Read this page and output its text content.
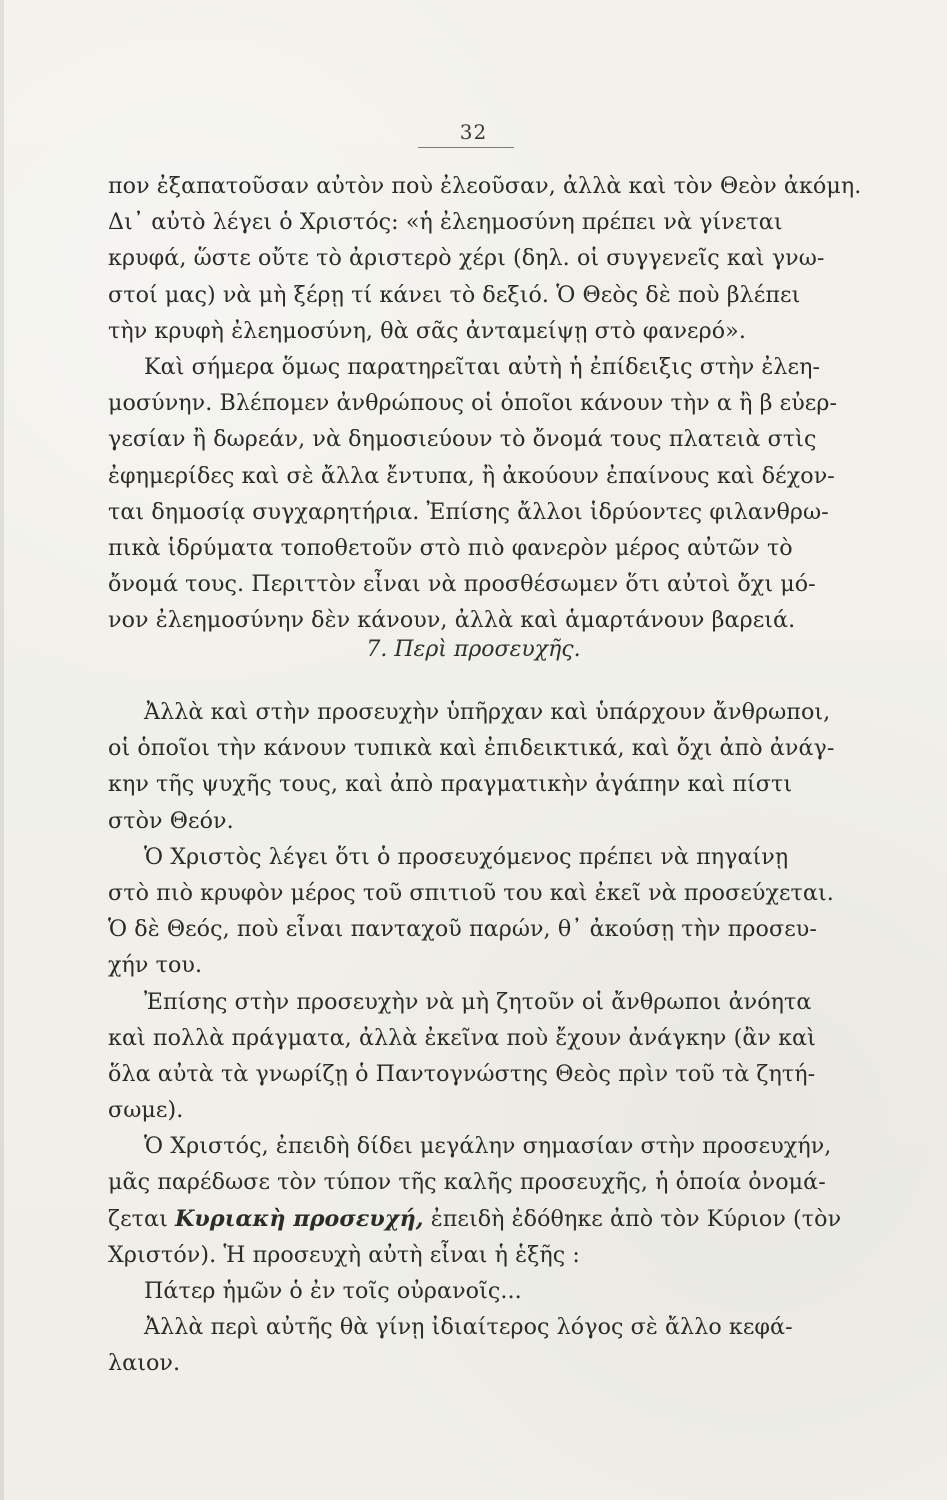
32
πον ἐξαπατοῦσαν αὐτὸν ποὺ ἐλεοῦσαν, ἀλλὰ καὶ τὸν Θεὸν ἀκόμη.
Δι᾽ αὐτὸ λέγει ὁ Χριστός: «ἡ ἐλεημοσύνη πρέπει νὰ γίνεται
κρυφά, ὥστε οὔτε τὸ ἀριστερὸ χέρι (δηλ. οἱ συγγενεῖς καὶ γνω-
στοί μας) νὰ μὴ ξέρῃ τί κάνει τὸ δεξιό. Ὁ Θεὸς δὲ ποὺ βλέπει
τὴν κρυφὴ ἐλεημοσύνη, θὰ σᾶς ἀνταμείψῃ στὸ φανερό».
Καὶ σήμερα ὅμως παρατηρεῖται αὐτὴ ἡ ἐπίδειξις στὴν ἐλεη-
μοσύνην. Βλέπομεν ἀνθρώπους οἱ ὁποῖοι κάνουν τὴν α ἢ β εὐερ-
γεσίαν ἢ δωρεάν, νὰ δημοσιεύουν τὸ ὄνομά τους πλατειὰ στὶς
ἐφημερίδες καὶ σὲ ἄλλα ἔντυπα, ἢ ἀκούουν ἐπαίνους καὶ δέχον-
ται δημοσίᾳ συγχαρητήρια. Ἐπίσης ἄλλοι ἱδρύοντες φιλανθρω-
πικὰ ἱδρύματα τοποθετοῦν στὸ πιὸ φανερὸν μέρος αὐτῶν τὸ
ὄνομά τους. Περιττὸν εἶναι νὰ προσθέσωμεν ὅτι αὐτοὶ ὄχι μό-
νον ἐλεημοσύνην δὲν κάνουν, ἀλλὰ καὶ ἁμαρτάνουν βαρειά.
7. Περὶ προσευχῆς.
Ἀλλὰ καὶ στὴν προσευχὴν ὑπῆρχαν καὶ ὑπάρχουν ἄνθρωποι,
οἱ ὁποῖοι τὴν κάνουν τυπικὰ καὶ ἐπιδεικτικά, καὶ ὄχι ἀπὸ ἀνάγ-
κην τῆς ψυχῆς τους, καὶ ἀπὸ πραγματικὴν ἀγάπην καὶ πίστι
στὸν Θεόν.
Ὁ Χριστὸς λέγει ὅτι ὁ προσευχόμενος πρέπει νὰ πηγαίνῃ
στὸ πιὸ κρυφὸν μέρος τοῦ σπιτιοῦ του καὶ ἐκεῖ νὰ προσεύχεται.
Ὁ δὲ Θεός, ποὺ εἶναι πανταχοῦ παρών, θ᾽ ἀκούσῃ τὴν προσευ-
χήν του.
Ἐπίσης στὴν προσευχὴν νὰ μὴ ζητοῦν οἱ ἄνθρωποι ἀνόητα
καὶ πολλὰ πράγματα, ἀλλὰ ἐκεῖνα ποὺ ἔχουν ἀνάγκην (ἂν καὶ
ὅλα αὐτὰ τὰ γνωρίζῃ ὁ Παντογνώστης Θεὸς πρὶν τοῦ τὰ ζητή-
σωμε).
Ὁ Χριστός, ἐπειδὴ δίδει μεγάλην σημασίαν στὴν προσευχήν,
μᾶς παρέδωσε τὸν τύπον τῆς καλῆς προσευχῆς, ἡ ὁποία ὀνομά-
ζεται Κυριακὴ προσευχή, ἐπειδὴ ἐδόθηκε ἀπὸ τὸν Κύριον (τὸν
Χριστόν). Ἡ προσευχὴ αὐτὴ εἶναι ἡ ἑξῆς :
Πάτερ ἡμῶν ὁ ἐν τοῖς οὐρανοῖς...
Ἀλλὰ περὶ αὐτῆς θὰ γίνῃ ἰδιαίτερος λόγος σὲ ἄλλο κεφά-
λαιον.
